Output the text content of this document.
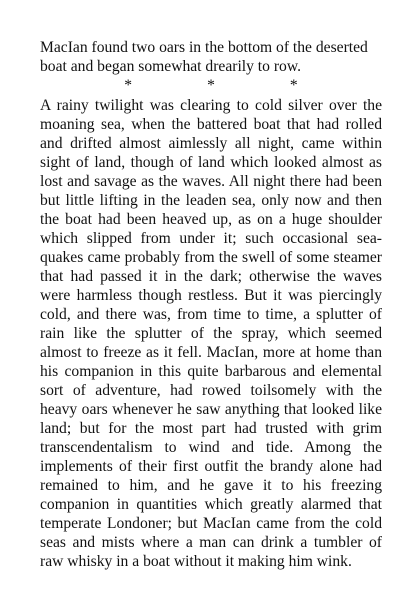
MacIan found two oars in the bottom of the deserted boat and began somewhat drearily to row.

*	*	*

A rainy twilight was clearing to cold silver over the moaning sea, when the battered boat that had rolled and drifted almost aimlessly all night, came within sight of land, though of land which looked almost as lost and savage as the waves. All night there had been but little lifting in the leaden sea, only now and then the boat had been heaved up, as on a huge shoulder which slipped from under it; such occasional sea-quakes came probably from the swell of some steamer that had passed it in the dark; otherwise the waves were harmless though restless. But it was piercingly cold, and there was, from time to time, a splutter of rain like the splutter of the spray, which seemed almost to freeze as it fell. MacIan, more at home than his companion in this quite barbarous and elemental sort of adventure, had rowed toilsomely with the heavy oars whenever he saw anything that looked like land; but for the most part had trusted with grim transcendentalism to wind and tide. Among the implements of their first outfit the brandy alone had remained to him, and he gave it to his freezing companion in quantities which greatly alarmed that temperate Londoner; but MacIan came from the cold seas and mists where a man can drink a tumbler of raw whisky in a boat without it making him wink.
